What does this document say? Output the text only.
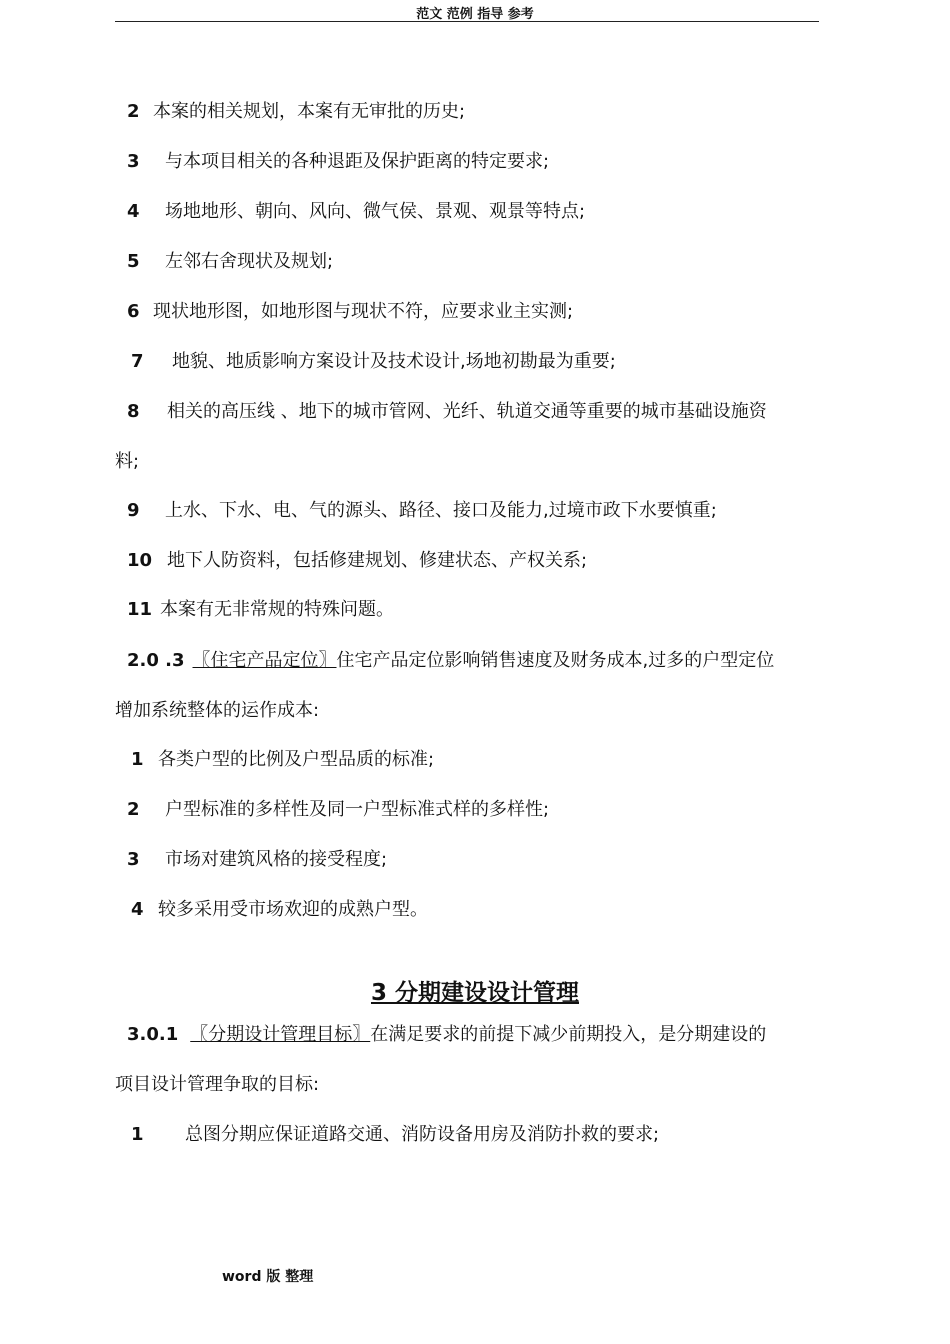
范文 范例 指导 参考
2 本案的相关规划，本案有无审批的历史;
3 与本项目相关的各种退距及保护距离的特定要求;
4 场地地形、朝向、风向、微气侯、景观、观景等特点;
5 左邻右舍现状及规划;
6 现状地形图，如地形图与现状不符，应要求业主实测;
7 地貌、地质影响方案设计及技术设计,场地初勘最为重要;
8 相关的高压线 、地下的城市管网、光纤、轨道交通等重要的城市基础设施资
料;
9 上水、下水、电、气的源头、路径、接口及能力,过境市政下水要慎重;
10 地下人防资料，包括修建规划、修建状态、产权关系;
11 本案有无非常规的特殊问题。
2.0 .3 〖住宅产品定位〗住宅产品定位影响销售速度及财务成本,过多的户型定位
增加系统整体的运作成本:
1 各类户型的比例及户型品质的标准;
2 户型标准的多样性及同一户型标准式样的多样性;
3 市场对建筑风格的接受程度;
4 较多采用受市场欢迎的成熟户型。
3 分期建设设计管理
3.0.1 〖分期设计管理目标〗在满足要求的前提下减少前期投入，是分期建设的
项目设计管理争取的目标:
1 总图分期应保证道路交通、消防设备用房及消防扑救的要求;
word 版 整理
